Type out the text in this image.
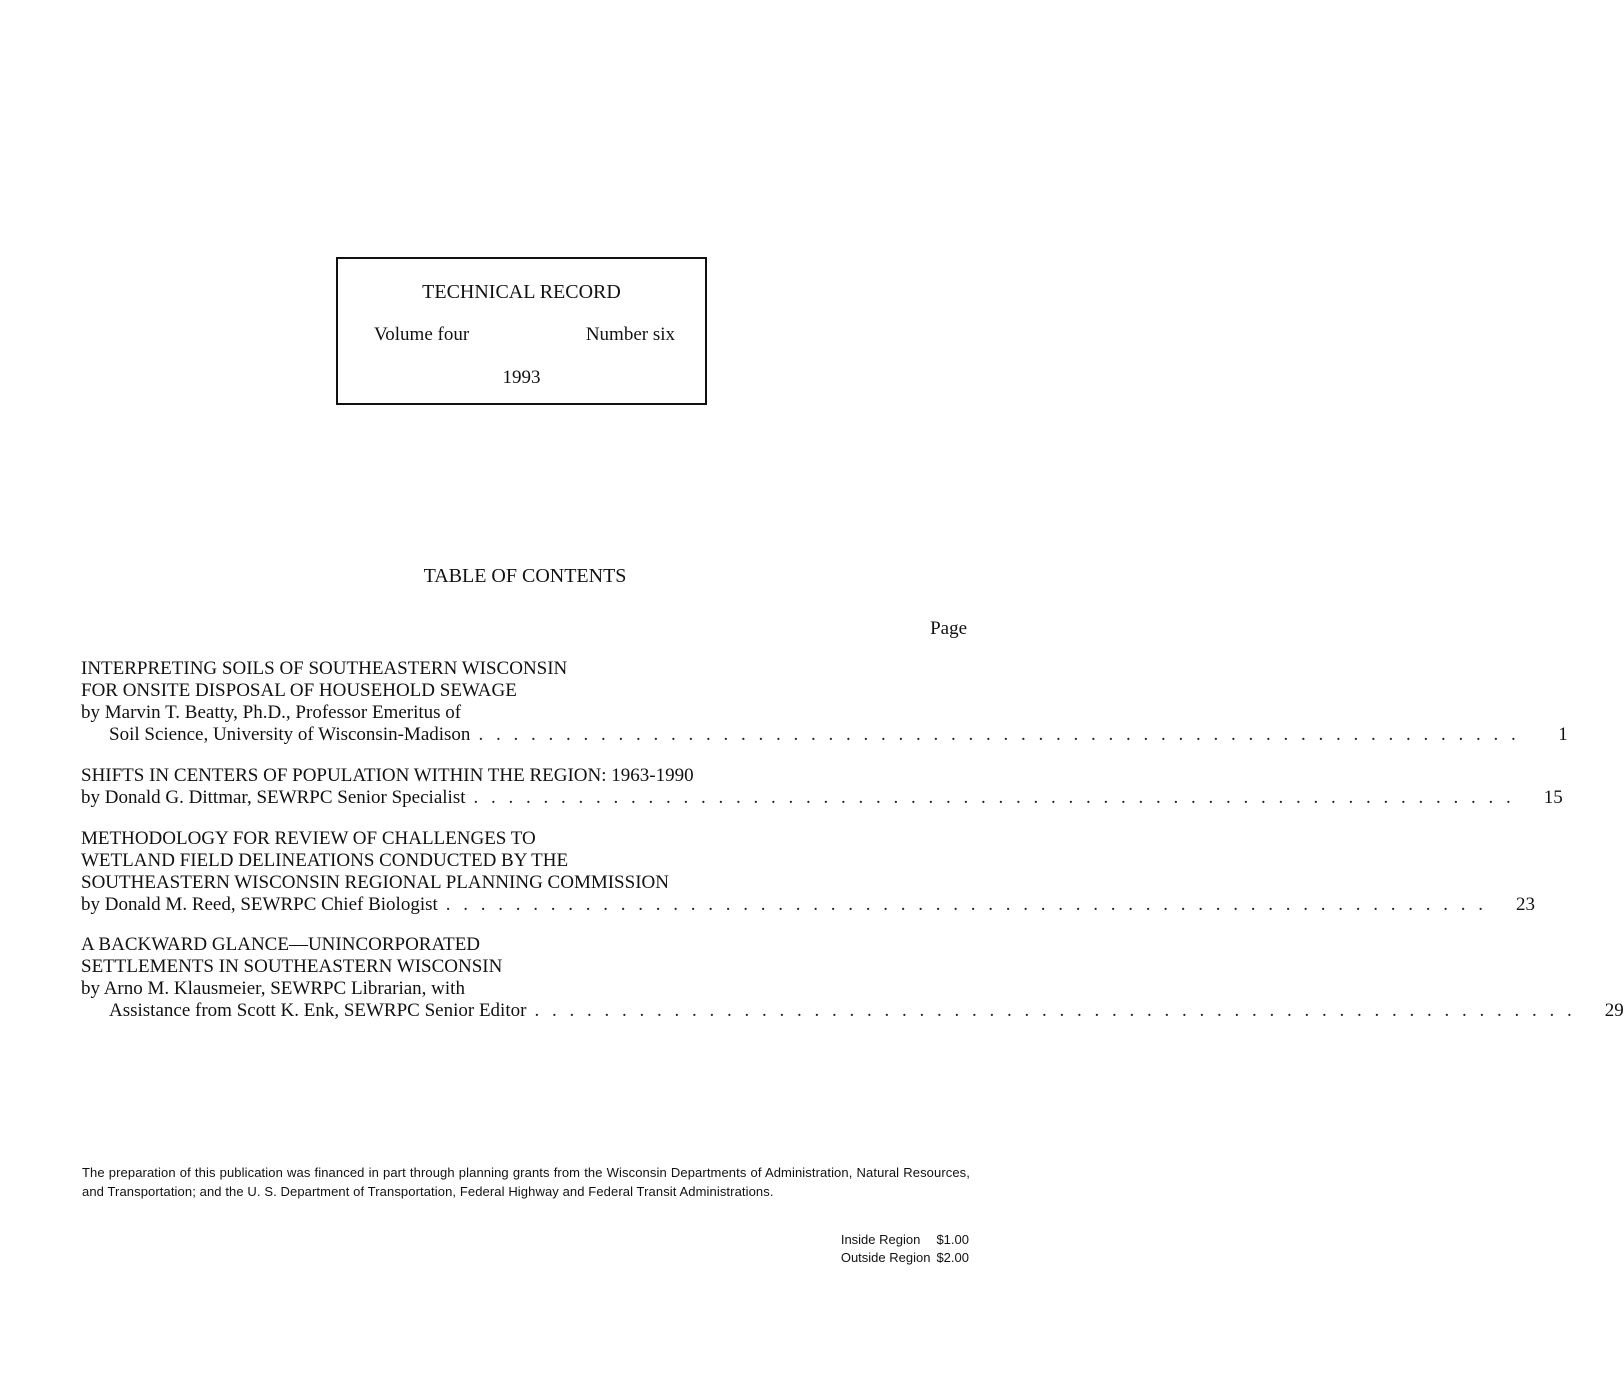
TECHNICAL RECORD
Volume four	Number six
1993
TABLE OF CONTENTS
Page
INTERPRETING SOILS OF SOUTHEASTERN WISCONSIN
FOR ONSITE DISPOSAL OF HOUSEHOLD SEWAGE
by Marvin T. Beatty, Ph.D., Professor Emeritus of
Soil Science, University of Wisconsin-Madison . . . . . . . . . . . . . . . . . . . . . . . . . . . . . . . . . . . . . . . . . . . . . . . . . . . . . . . . . . . .	1
SHIFTS IN CENTERS OF POPULATION WITHIN THE REGION: 1963-1990
by Donald G. Dittmar, SEWRPC Senior Specialist . . . . . . . . . . . . . . . . . . . . . . . . . . . . . . . . . . . . . . . . . . . . . . . . . . . . . . . . . . . .	15
METHODOLOGY FOR REVIEW OF CHALLENGES TO
WETLAND FIELD DELINEATIONS CONDUCTED BY THE
SOUTHEASTERN WISCONSIN REGIONAL PLANNING COMMISSION
by Donald M. Reed, SEWRPC Chief Biologist . . . . . . . . . . . . . . . . . . . . . . . . . . . . . . . . . . . . . . . . . . . . . . . . . . . . . . . . . . . .	23
A BACKWARD GLANCE—UNINCORPORATED
SETTLEMENTS IN SOUTHEASTERN WISCONSIN
by Arno M. Klausmeier, SEWRPC Librarian, with
Assistance from Scott K. Enk, SEWRPC Senior Editor . . . . . . . . . . . . . . . . . . . . . . . . . . . . . . . . . . . . . . . . . . . . . . . . . . . . . . . . . . . .	29
The preparation of this publication was financed in part through planning grants from the Wisconsin Departments of Administration, Natural Resources, and Transportation; and the U. S. Department of Transportation, Federal Highway and Federal Transit Administrations.
Inside Region $1.00
Outside Region $2.00
